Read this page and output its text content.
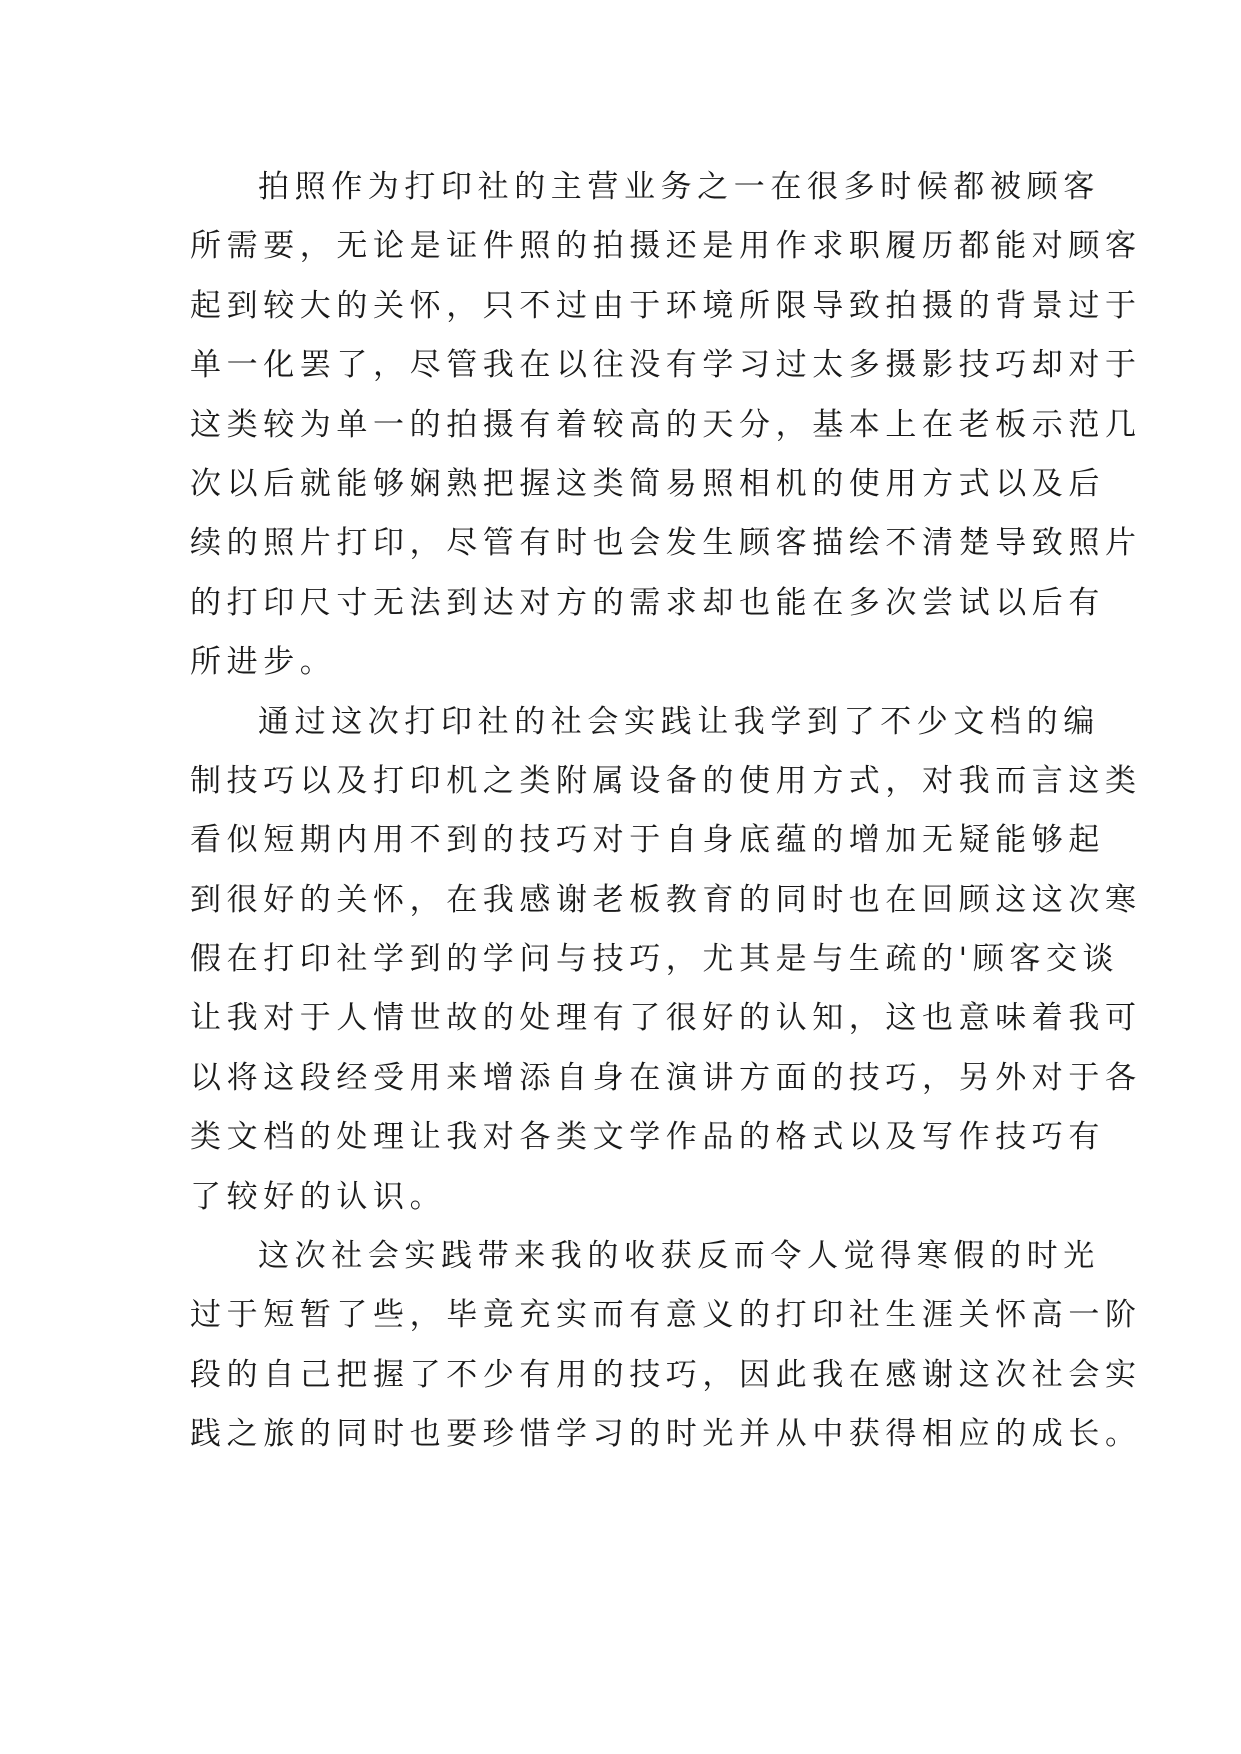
拍照作为打印社的主营业务之一在很多时候都被顾客
所需要，无论是证件照的拍摄还是用作求职履历都能对顾客
起到较大的关怀，只不过由于环境所限导致拍摄的背景过于
单一化罢了，尽管我在以往没有学习过太多摄影技巧却对于
这类较为单一的拍摄有着较高的天分，基本上在老板示范几
次以后就能够娴熟把握这类简易照相机的使用方式以及后
续的照片打印，尽管有时也会发生顾客描绘不清楚导致照片
的打印尺寸无法到达对方的需求却也能在多次尝试以后有
所进步。
通过这次打印社的社会实践让我学到了不少文档的编
制技巧以及打印机之类附属设备的使用方式，对我而言这类
看似短期内用不到的技巧对于自身底蕴的增加无疑能够起
到很好的关怀，在我感谢老板教育的同时也在回顾这这次寒
假在打印社学到的学问与技巧，尤其是与生疏的'顾客交谈
让我对于人情世故的处理有了很好的认知，这也意味着我可
以将这段经受用来增添自身在演讲方面的技巧，另外对于各
类文档的处理让我对各类文学作品的格式以及写作技巧有
了较好的认识。
这次社会实践带来我的收获反而令人觉得寒假的时光
过于短暂了些，毕竟充实而有意义的打印社生涯关怀高一阶
段的自己把握了不少有用的技巧，因此我在感谢这次社会实
践之旅的同时也要珍惜学习的时光并从中获得相应的成长。
